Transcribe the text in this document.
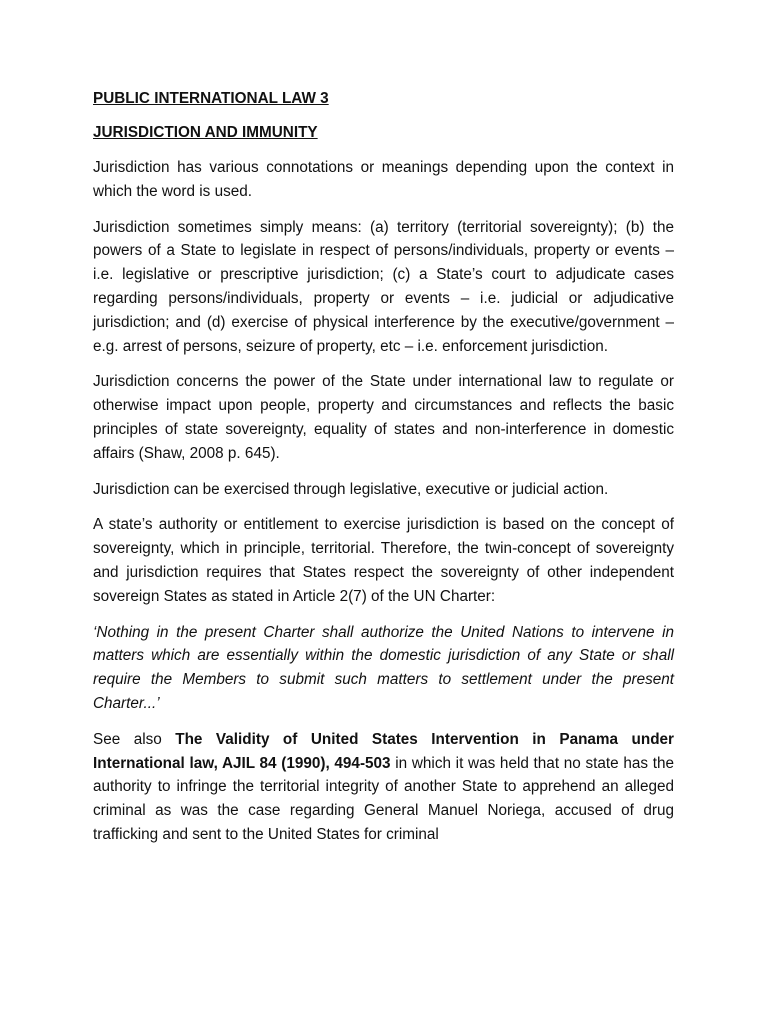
PUBLIC INTERNATIONAL LAW 3

JURISDICTION AND IMMUNITY

Jurisdiction has various connotations or meanings depending upon the context in which the word is used.

Jurisdiction sometimes simply means: (a) territory (territorial sovereignty); (b) the powers of a State to legislate in respect of persons/individuals, property or events – i.e. legislative or prescriptive jurisdiction; (c) a State’s court to adjudicate cases regarding persons/individuals, property or events – i.e. judicial or adjudicative jurisdiction; and (d) exercise of physical interference by the executive/government – e.g. arrest of persons, seizure of property, etc – i.e. enforcement jurisdiction.

Jurisdiction concerns the power of the State under international law to regulate or otherwise impact upon people, property and circumstances and reflects the basic principles of state sovereignty, equality of states and non-interference in domestic affairs (Shaw, 2008 p. 645).

Jurisdiction can be exercised through legislative, executive or judicial action.

A state’s authority or entitlement to exercise jurisdiction is based on the concept of sovereignty, which in principle, territorial. Therefore, the twin-concept of sovereignty and jurisdiction requires that States respect the sovereignty of other independent sovereign States as stated in Article 2(7) of the UN Charter:

‘Nothing in the present Charter shall authorize the United Nations to intervene in matters which are essentially within the domestic jurisdiction of any State or shall require the Members to submit such matters to settlement under the present Charter...’

See also The Validity of United States Intervention in Panama under International law, AJIL 84 (1990), 494-503 in which it was held that no state has the authority to infringe the territorial integrity of another State to apprehend an alleged criminal as was the case regarding General Manuel Noriega, accused of drug trafficking and sent to the United States for criminal
